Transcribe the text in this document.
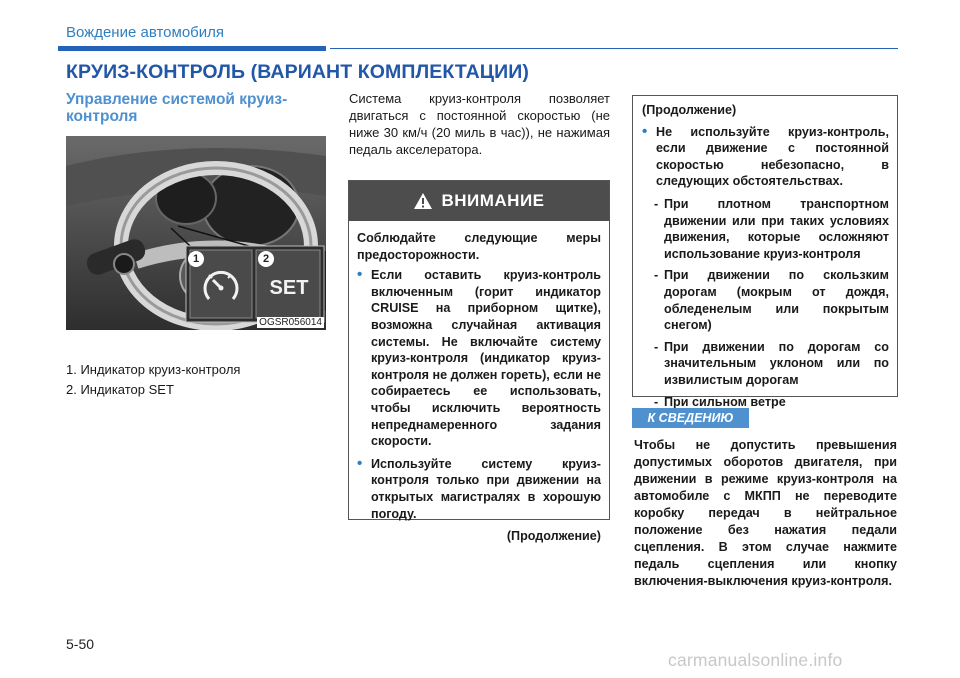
Вождение автомобиля
КРУИЗ-КОНТРОЛЬ (ВАРИАНТ КОМПЛЕКТАЦИИ)
Управление системой круиз-контроля
1	2
SET
OGSR056014
1. Индикатор круиз-контроля
2. Индикатор SET
Система круиз-контроля позволяет двигаться с постоянной скоростью (не ниже 30 км/ч (20 миль в час)), не нажимая педаль акселератора.
ВНИМАНИЕ

Соблюдайте следующие меры предосторожности.

• Если оставить круиз-контроль включенным (горит индикатор CRUISE на приборном щитке), возможна случайная активация системы. Не включайте систему круиз-контроля (индикатор круиз-контроля не должен гореть), если не собираетесь ее использовать, чтобы исключить вероятность непреднамеренного задания скорости.
• Используйте систему круиз-контроля только при движении на открытых магистралях в хорошую погоду.
(Продолжение)

(Продолжение)

• Не используйте круиз-контроль, если движение с постоянной скоростью небезопасно, в следующих обстоятельствах.
- При плотном транспортном движении или при таких условиях движения, которые осложняют использование круиз-контроля
- При движении по скользким дорогам (мокрым от дождя, обледенелым или покрытым снегом)
- При движении по дорогам со значительным уклоном или по извилистым дорогам
- При сильном ветре
К СВЕДЕНИЮ
Чтобы не допустить превышения допустимых оборотов двигателя, при движении в режиме круиз-контроля на автомобиле с МКПП не переводите коробку передач в нейтральное положение без нажатия педали сцепления. В этом случае нажмите педаль сцепления или кнопку включения-выключения круиз-контроля.
5-50
carmanualsonline.info
